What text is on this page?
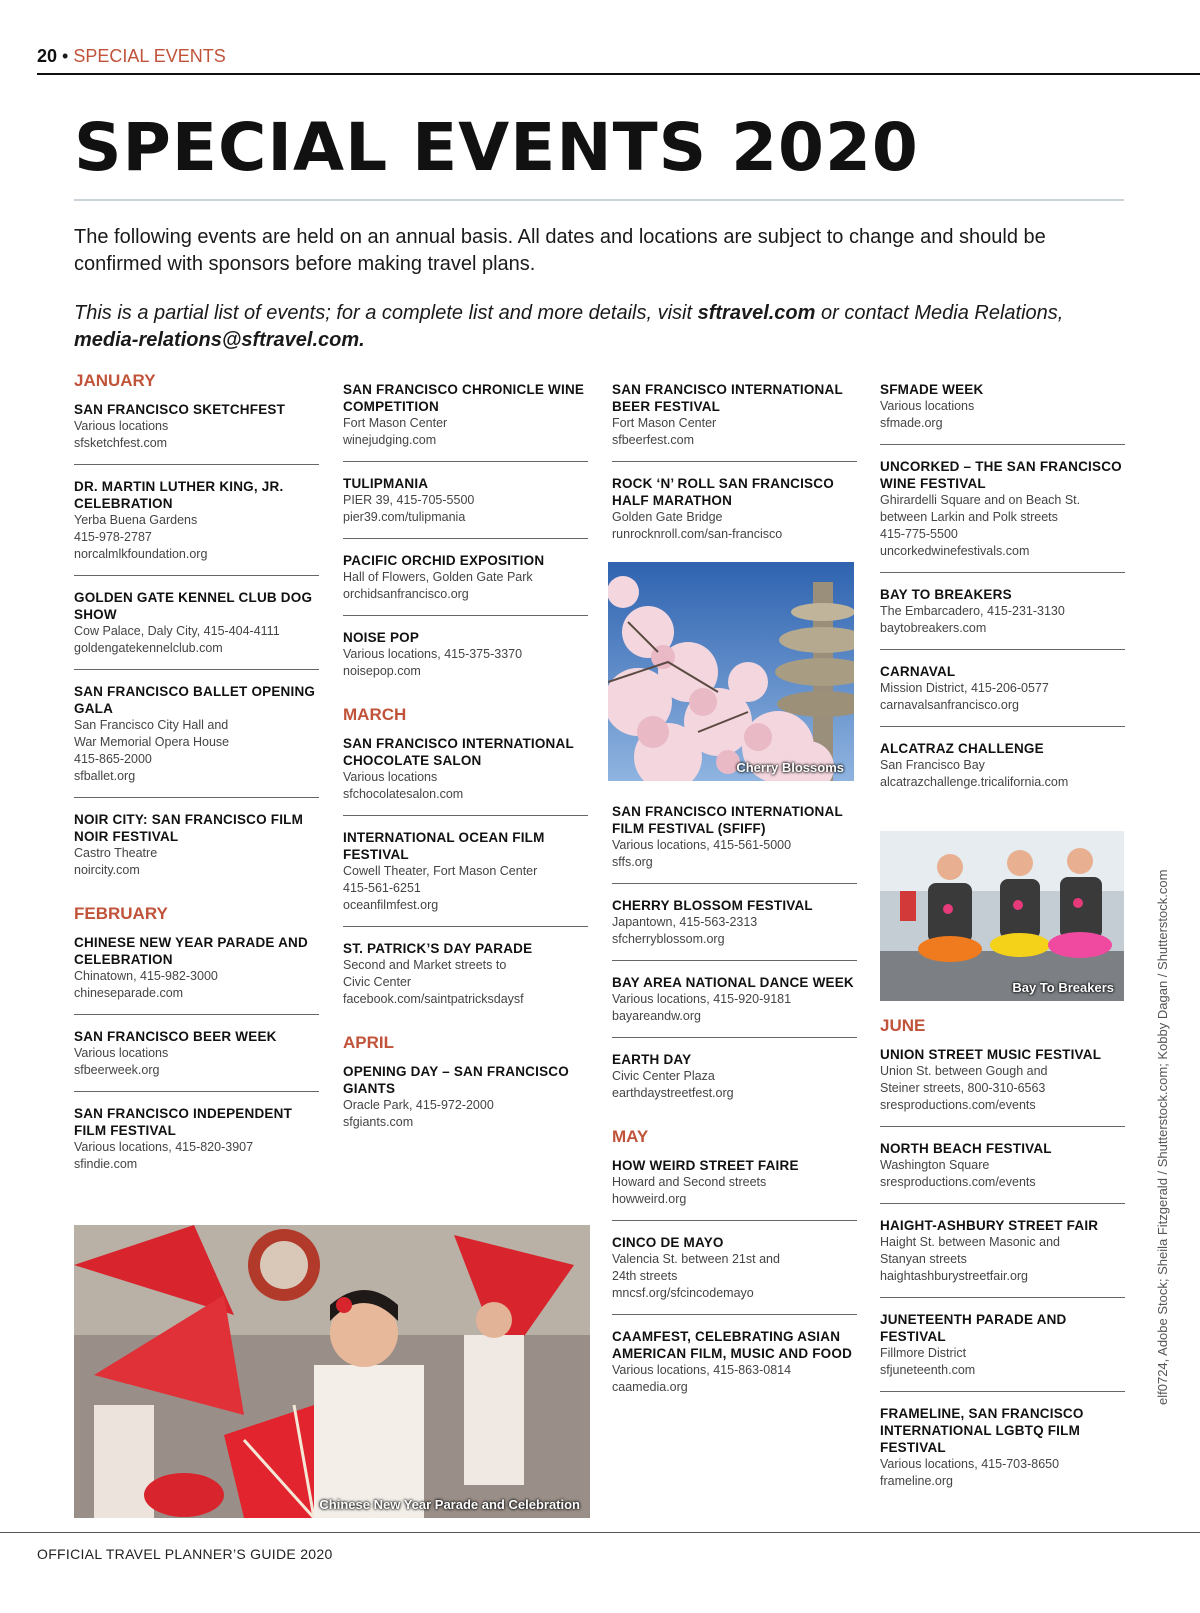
20 • SPECIAL EVENTS
SPECIAL EVENTS 2020

The following events are held on an annual basis. All dates and locations are subject to change and should be confirmed with sponsors before making travel plans.

This is a partial list of events; for a complete list and more details, visit sftravel.com or contact Media Relations, media-relations@sftravel.com.

JANUARY
SAN FRANCISCO SKETCHFEST
Various locations
sfsketchfest.com
DR. MARTIN LUTHER KING, JR. CELEBRATION
Yerba Buena Gardens
415-978-2787
norcalmlkfoundation.org
GOLDEN GATE KENNEL CLUB DOG SHOW
Cow Palace, Daly City, 415-404-4111
goldengatekennelclub.com
SAN FRANCISCO BALLET OPENING GALA
San Francisco City Hall and
War Memorial Opera House
415-865-2000
sfballet.org
NOIR CITY: SAN FRANCISCO FILM NOIR FESTIVAL
Castro Theatre
noircity.com
FEBRUARY
CHINESE NEW YEAR PARADE AND CELEBRATION
Chinatown, 415-982-3000
chineseparade.com
SAN FRANCISCO BEER WEEK
Various locations
sfbeerweek.org
SAN FRANCISCO INDEPENDENT FILM FESTIVAL
Various locations, 415-820-3907
sfindie.com
SAN FRANCISCO CHRONICLE WINE COMPETITION
Fort Mason Center
winejudging.com
TULIPMANIA
PIER 39, 415-705-5500
pier39.com/tulipmania
PACIFIC ORCHID EXPOSITION
Hall of Flowers, Golden Gate Park
orchidsanfrancisco.org
NOISE POP
Various locations, 415-375-3370
noisepop.com
MARCH
SAN FRANCISCO INTERNATIONAL CHOCOLATE SALON
Various locations
sfchocolatesalon.com
INTERNATIONAL OCEAN FILM FESTIVAL
Cowell Theater, Fort Mason Center
415-561-6251
oceanfilmfest.org
ST. PATRICK’S DAY PARADE
Second and Market streets to
Civic Center
facebook.com/saintpatricksdaysf
APRIL
OPENING DAY – SAN FRANCISCO GIANTS
Oracle Park, 415-972-2000
sfgiants.com
SAN FRANCISCO INTERNATIONAL BEER FESTIVAL
Fort Mason Center
sfbeerfest.com
ROCK ‘N’ ROLL SAN FRANCISCO HALF MARATHON
Golden Gate Bridge
runrocknroll.com/san-francisco
Cherry Blossoms
SAN FRANCISCO INTERNATIONAL FILM FESTIVAL (SFIFF)
Various locations, 415-561-5000
sffs.org
CHERRY BLOSSOM FESTIVAL
Japantown, 415-563-2313
sfcherryblossom.org
BAY AREA NATIONAL DANCE WEEK
Various locations, 415-920-9181
bayareandw.org
EARTH DAY
Civic Center Plaza
earthdaystreetfest.org
MAY
HOW WEIRD STREET FAIRE
Howard and Second streets
howweird.org
CINCO DE MAYO
Valencia St. between 21st and
24th streets
mncsf.org/sfcincodemayo
CAAMFEST, CELEBRATING ASIAN AMERICAN FILM, MUSIC AND FOOD
Various locations, 415-863-0814
caamedia.org
SFMADE WEEK
Various locations
sfmade.org
UNCORKED – THE SAN FRANCISCO WINE FESTIVAL
Ghirardelli Square and on Beach St.
between Larkin and Polk streets
415-775-5500
uncorkedwinefestivals.com
BAY TO BREAKERS
The Embarcadero, 415-231-3130
baytobreakers.com
CARNAVAL
Mission District, 415-206-0577
carnavalsanfrancisco.org
ALCATRAZ CHALLENGE
San Francisco Bay
alcatrazchallenge.tricalifornia.com
Bay To Breakers
JUNE
UNION STREET MUSIC FESTIVAL
Union St. between Gough and
Steiner streets, 800-310-6563
sresproductions.com/events
NORTH BEACH FESTIVAL
Washington Square
sresproductions.com/events
HAIGHT-ASHBURY STREET FAIR
Haight St. between Masonic and
Stanyan streets
haightashburystreetfair.org
JUNETEENTH PARADE AND FESTIVAL
Fillmore District
sfjuneteenth.com
FRAMELINE, SAN FRANCISCO INTERNATIONAL LGBTQ FILM FESTIVAL
Various locations, 415-703-8650
frameline.org
Chinese New Year Parade and Celebration
elf0724, Adobe Stock; Sheila Fitzgerald / Shutterstock.com; Kobby Dagan / Shutterstock.com
OFFICIAL TRAVEL PLANNER’S GUIDE 2020
